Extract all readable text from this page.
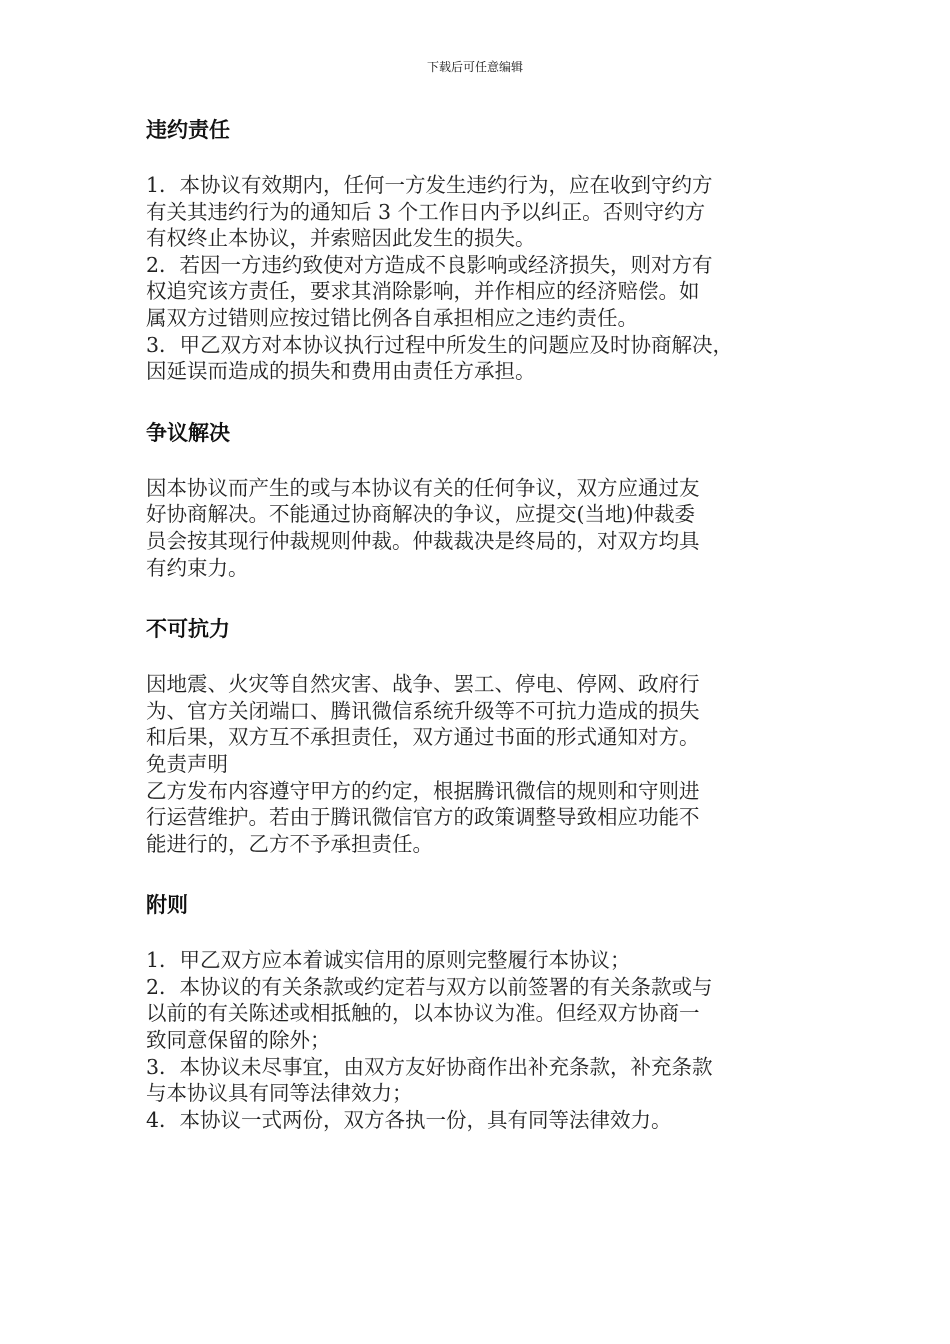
下载后可任意编辑
违约责任

1．本协议有效期内，任何一方发生违约行为，应在收到守约方
有关其违约行为的通知后 3 个工作日内予以纠正。否则守约方
有权终止本协议，并索赔因此发生的损失。

2．若因一方违约致使对方造成不良影响或经济损失，则对方有
权追究该方责任，要求其消除影响，并作相应的经济赔偿。如
属双方过错则应按过错比例各自承担相应之违约责任。

3．甲乙双方对本协议执行过程中所发生的问题应及时协商解决，
因延误而造成的损失和费用由责任方承担。

争议解决

因本协议而产生的或与本协议有关的任何争议，双方应通过友
好协商解决。不能通过协商解决的争议，应提交(当地)仲裁委
员会按其现行仲裁规则仲裁。仲裁裁决是终局的，对双方均具
有约束力。

不可抗力

因地震、火灾等自然灾害、战争、罢工、停电、停网、政府行
为、官方关闭端口、腾讯微信系统升级等不可抗力造成的损失
和后果，双方互不承担责任，双方通过书面的形式通知对方。

免责声明

乙方发布内容遵守甲方的约定，根据腾讯微信的规则和守则进
行运营维护。若由于腾讯微信官方的政策调整导致相应功能不
能进行的，乙方不予承担责任。

附则

1．甲乙双方应本着诚实信用的原则完整履行本协议；

2．本协议的有关条款或约定若与双方以前签署的有关条款或与
以前的有关陈述或相抵触的，以本协议为准。但经双方协商一
致同意保留的除外；

3．本协议未尽事宜，由双方友好协商作出补充条款，补充条款
与本协议具有同等法律效力；

4．本协议一式两份，双方各执一份，具有同等法律效力。
